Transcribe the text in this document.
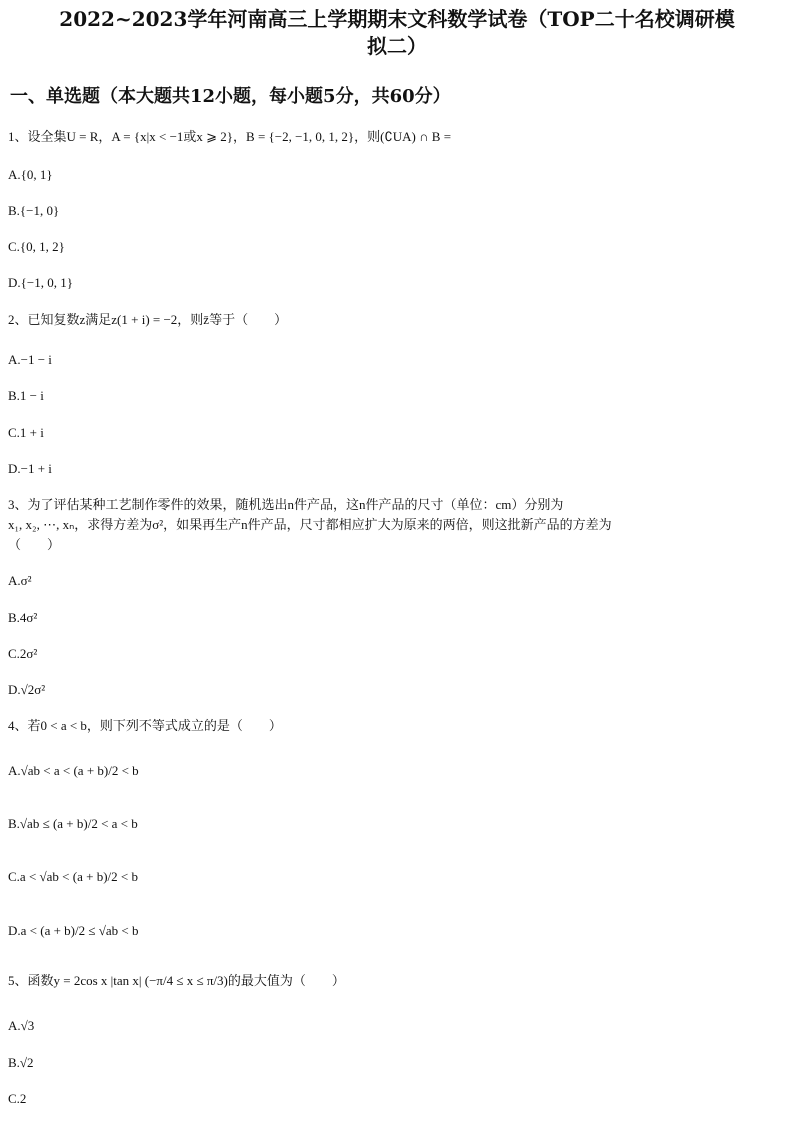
2022~2023学年河南高三上学期期末文科数学试卷（TOP二十名校调研模
拟二）
一、单选题（本大题共12小题，每小题5分，共60分）
1、设全集U = R，A = {x|x < −1或x ⩾ 2}，B = {−2, −1, 0, 1, 2}，则(∁UA) ∩ B =
A.{0, 1}
B.{−1, 0}
C.{0, 1, 2}
D.{−1, 0, 1}
2、已知复数z满足z(1 + i) = −2，则z̄等于（　　）
A.−1 − i
B.1 − i
C.1 + i
D.−1 + i
3、为了评估某种工艺制作零件的效果，随机选出n件产品，这n件产品的尺寸（单位：cm）分别为
x₁, x₂, ⋯, xₙ，求得方差为σ²，如果再生产n件产品，尺寸都相应扩大为原来的两倍，则这批新产品的方差为
（　　）
A.σ²
B.4σ²
C.2σ²
D.√2σ²
4、若0 < a < b，则下列不等式成立的是（　　）
A.√ab < a < (a + b)/2 < b
B.√ab ≤ (a + b)/2 < a < b
C.a < √ab < (a + b)/2 < b
D.a < (a + b)/2 ≤ √ab < b
5、函数y = 2cos x |tan x| (−π/4 ≤ x ≤ π/3)的最大值为（　　）
A.√3
B.√2
C.2
